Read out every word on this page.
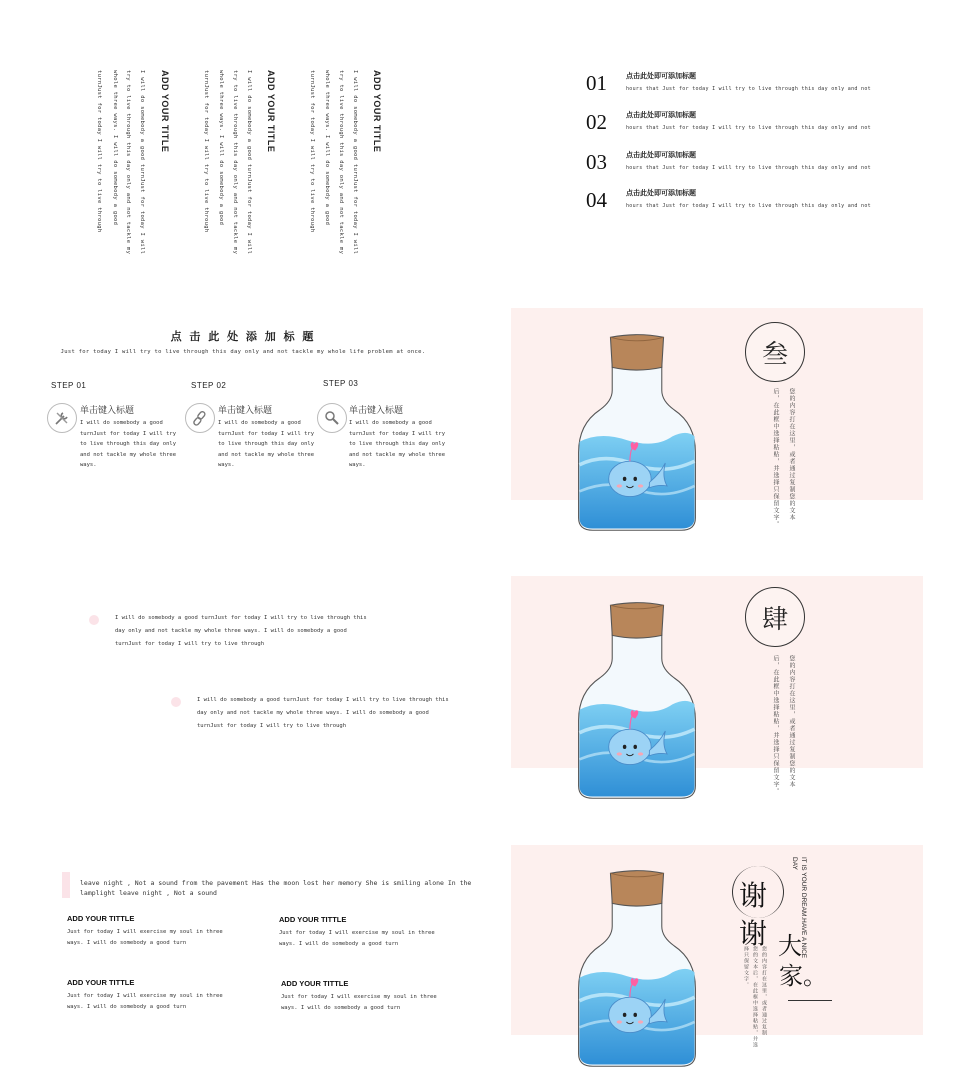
turnJust for today I will try to live through whole three ways. I will do somebody a good try to live through this day only and not tackle my I will do somebody a good turnJust for today I will ADD YOUR TITLE	turnJust for today I will try to live through whole three ways. I will do somebody a good try to live through this day only and not tackle my I will do somebody a good turnJust for today I will ADD YOUR TITLE	turnJust for today I will try to live through whole three ways. I will do somebody a good try to live through this day only and not tackle my I will do somebody a good turnJust for today I will ADD YOUR TITLE	01	点击此处即可添加标题
hours that Just for today I will try to live through this day only and not
02	点击此处即可添加标题
hours that Just for today I will try to live through this day only and not
03	点击此处即可添加标题
hours that Just for today I will try to live through this day only and not
04	点击此处即可添加标题
hours that Just for today I will try to live through this day only and not
点 击 此 处 添 加 标 题
Just for today I will try to live through this day only and not tackle my whole life problem at once.
STEP 01
单击键入标题
I will do somebody a good
turnJust for today I will try
to live through this day only
and not tackle my whole three
ways.
STEP 02
单击键入标题
I will do somebody a good
turnJust for today I will try
to live through this day only
and not tackle my whole three
ways.
STEP 03
单击键入标题
I will do somebody a good
turnJust for today I will try
to live through this day only
and not tackle my whole three
ways.
叁
您的内容打在这里，或者通过复制您的文本
后，在此框中选择粘贴，并选择只保留文字。
I will do somebody a good turnJust for today I will try to live through this
day only and not tackle my whole three ways. I will do somebody a good
turnJust for today I will try to live through
I will do somebody a good turnJust for today I will try to live through this
day only and not tackle my whole three ways. I will do somebody a good
turnJust for today I will try to live through
肆
您的内容打在这里，或者通过复制您的文本
后，在此框中选择粘贴，并选择只保留文字。
leave night , Not a sound from the pavement Has the moon lost her memory She is smiling alone In the
lamplight leave night , Not a sound
ADD YOUR TITTLE
Just for today I will exercise my soul in three
ways. I will do somebody a good turn
ADD YOUR TITTLE
Just for today I will exercise my soul in three
ways. I will do somebody a good turn
ADD YOUR TITTLE
Just for today I will exercise my soul in three
ways. I will do somebody a good turn
ADD YOUR TITTLE
Just for today I will exercise my soul in three
ways. I will do somebody a good turn
谢
谢 大
家。
IT IS YOUR DREAM.HAVE A NICE DAY
您的内容打在这里，或者通过复制
您的文本后，在此框中选择粘贴，并选
择只保留文字。
